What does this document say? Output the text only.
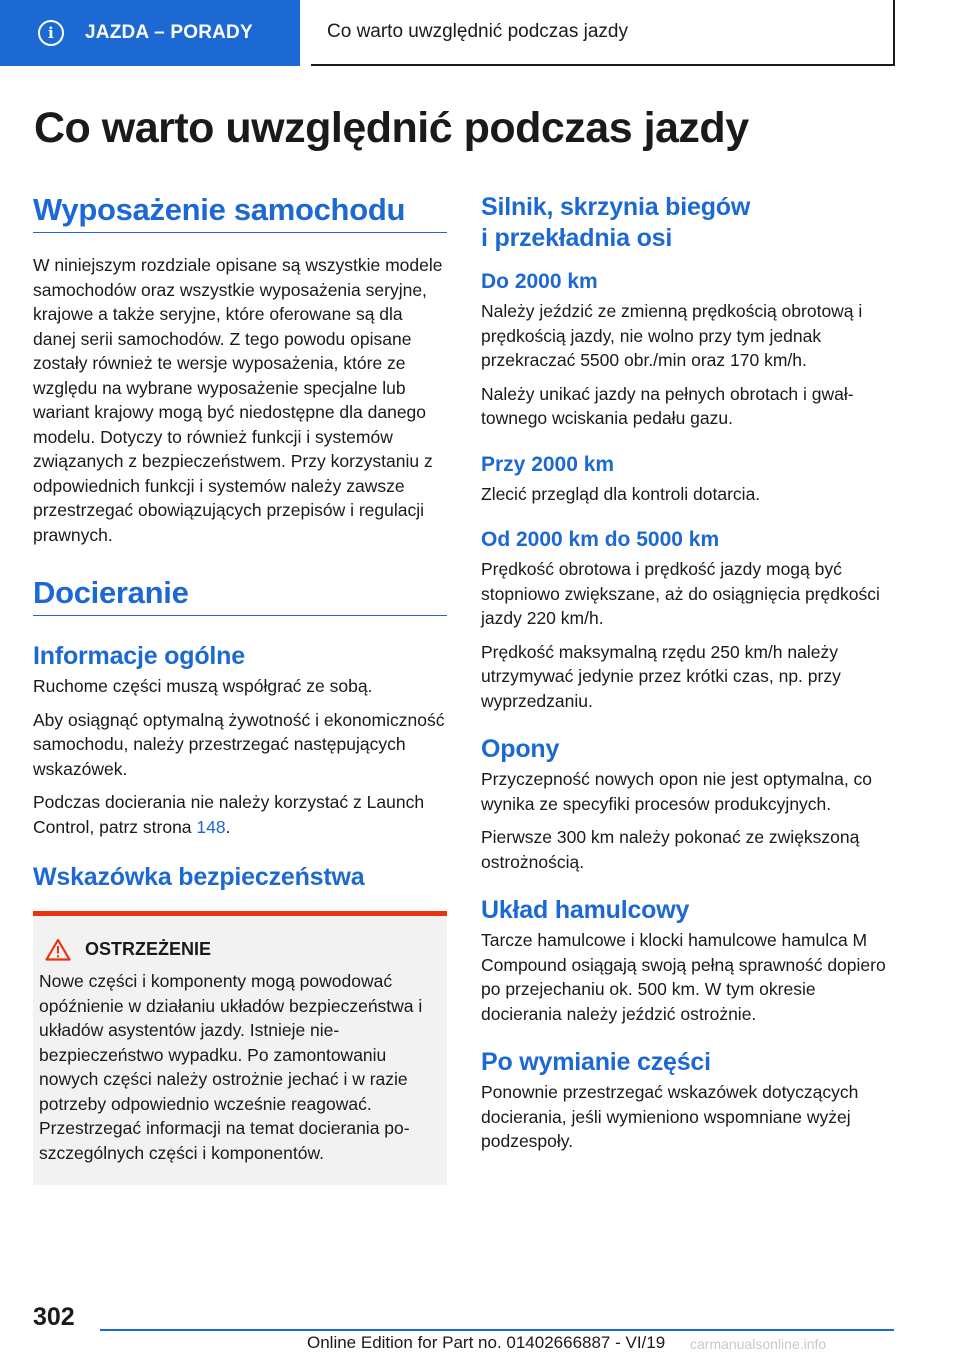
i	JAZDA – PORADY	Co warto uwzględnić podczas jazdy
Co warto uwzględnić podczas jazdy
Wyposażenie samochodu

W niniejszym rozdziale opisane są wszystkie modele samochodów oraz wszystkie wyposażenia seryjne, krajowe a także seryjne, które oferowane są dla danej serii samochodów. Z tego powodu opisane zostały również te wersje wyposażenia, które ze względu na wybrane wyposażenie specjalne lub wariant krajowy mogą być niedostępne dla danego modelu. Dotyczy to również funkcji i systemów związanych z bezpieczeństwem. Przy korzystaniu z odpowiednich funkcji i systemów należy zawsze przestrzegać obowiązujących przepisów i regulacji prawnych.

Docieranie
Informacje ogólne

Ruchome części muszą współgrać ze sobą.

Aby osiągnąć optymalną żywotność i ekonomiczność samochodu, należy przestrzegać następujących wskazówek.

Podczas docierania nie należy korzystać z Launch Control, patrz strona 148.

Wskazówka bezpieczeństwa
OSTRZEŻENIE

Nowe części i komponenty mogą powodować opóźnienie w działaniu układów bezpieczeństwa i układów asystentów jazdy. Istnieje niebezpieczeństwo wypadku. Po zamontowaniu nowych części należy ostrożnie jechać i w razie potrzeby odpowiednio wcześnie reagować. Przestrzegać informacji na temat docierania poszczególnych części i komponentów.

Silnik, skrzynia biegów
i przekładnia osi
Do 2000 km

Należy jeździć ze zmienną prędkością obrotową i prędkością jazdy, nie wolno przy tym jednak przekraczać 5500 obr./min oraz 170 km/h.

Należy unikać jazdy na pełnych obrotach i gwałtownego wciskania pedału gazu.

Przy 2000 km

Zlecić przegląd dla kontroli dotarcia.

Od 2000 km do 5000 km

Prędkość obrotowa i prędkość jazdy mogą być stopniowo zwiększane, aż do osiągnięcia prędkości jazdy 220 km/h.

Prędkość maksymalną rzędu 250 km/h należy utrzymywać jedynie przez krótki czas, np. przy wyprzedzaniu.

Opony

Przyczepność nowych opon nie jest optymalna, co wynika ze specyfiki procesów produkcyjnych.

Pierwsze 300 km należy pokonać ze zwiększoną ostrożnością.

Układ hamulcowy

Tarcze hamulcowe i klocki hamulcowe hamulca M Compound osiągają swoją pełną sprawność dopiero po przejechaniu ok. 500 km. W tym okresie docierania należy jeździć ostrożnie.

Po wymianie części

Ponownie przestrzegać wskazówek dotyczących docierania, jeśli wymieniono wspomniane wyżej podzespoły.

302
Online Edition for Part no. 01402666887 - VI/19 carmanualsonline.info
